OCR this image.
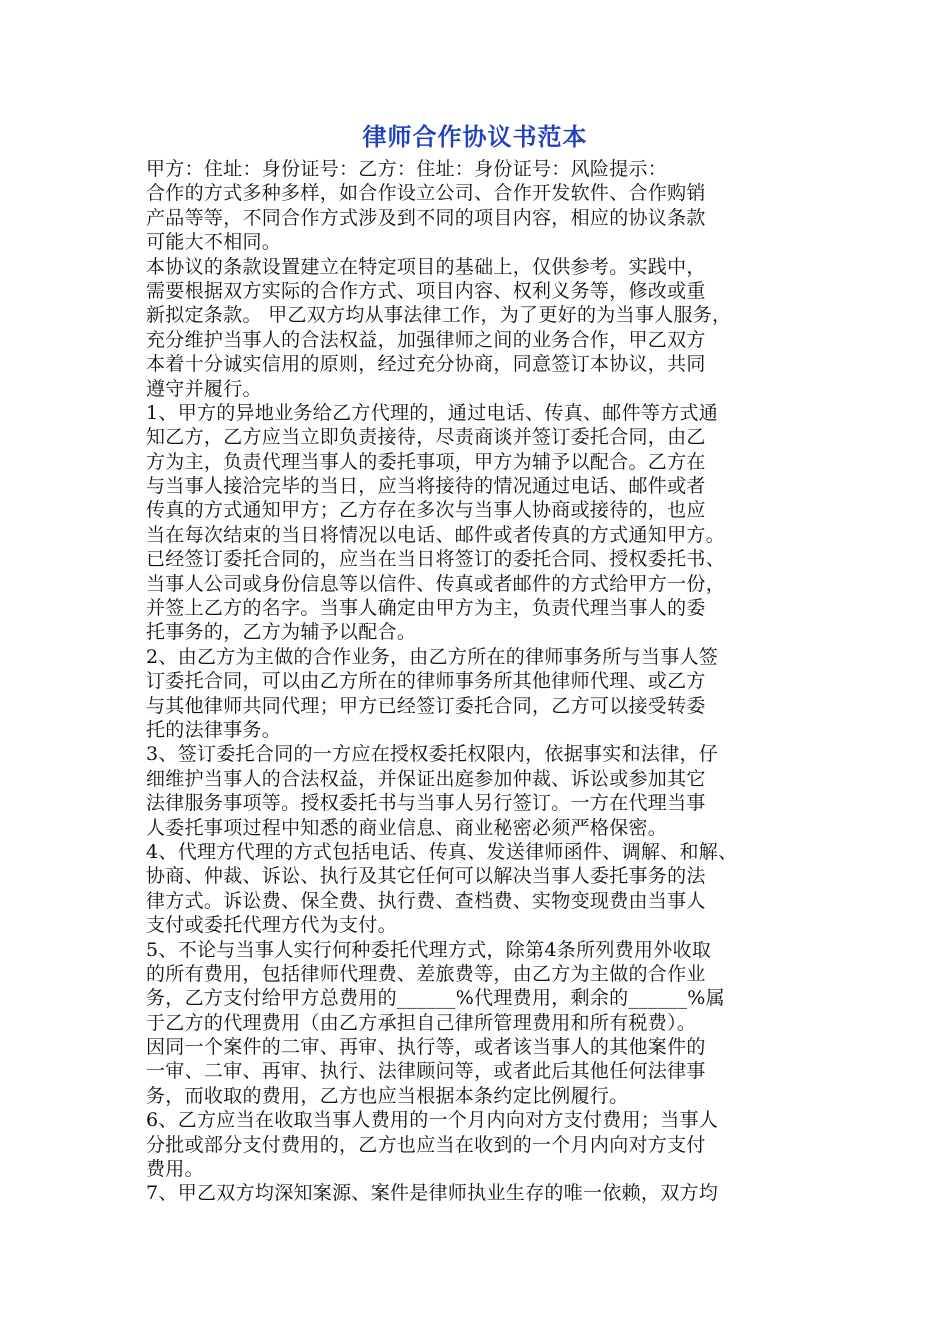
律师合作协议书范本
甲方：住址：身份证号：乙方：住址：身份证号：风险提示：
合作的方式多种多样，如合作设立公司、合作开发软件、合作购销
产品等等，不同合作方式涉及到不同的项目内容，相应的协议条款
可能大不相同。
本协议的条款设置建立在特定项目的基础上，仅供参考。实践中，
需要根据双方实际的合作方式、项目内容、权利义务等，修改或重
新拟定条款。 甲乙双方均从事法律工作，为了更好的为当事人服务，
充分维护当事人的合法权益，加强律师之间的业务合作，甲乙双方
本着十分诚实信用的原则，经过充分协商，同意签订本协议，共同
遵守并履行。
1、甲方的异地业务给乙方代理的，通过电话、传真、邮件等方式通
知乙方，乙方应当立即负责接待，尽责商谈并签订委托合同，由乙
方为主，负责代理当事人的委托事项，甲方为辅予以配合。乙方在
与当事人接洽完毕的当日，应当将接待的情况通过电话、邮件或者
传真的方式通知甲方；乙方存在多次与当事人协商或接待的，也应
当在每次结束的当日将情况以电话、邮件或者传真的方式通知甲方。
已经签订委托合同的，应当在当日将签订的委托合同、授权委托书、
当事人公司或身份信息等以信件、传真或者邮件的方式给甲方一份，
并签上乙方的名字。当事人确定由甲方为主，负责代理当事人的委
托事务的，乙方为辅予以配合。
2、由乙方为主做的合作业务，由乙方所在的律师事务所与当事人签
订委托合同，可以由乙方所在的律师事务所其他律师代理、或乙方
与其他律师共同代理；甲方已经签订委托合同，乙方可以接受转委
托的法律事务。
3、签订委托合同的一方应在授权委托权限内，依据事实和法律，仔
细维护当事人的合法权益，并保证出庭参加仲裁、诉讼或参加其它
法律服务事项等。授权委托书与当事人另行签订。一方在代理当事
人委托事项过程中知悉的商业信息、商业秘密必须严格保密。
4、代理方代理的方式包括电话、传真、发送律师函件、调解、和解、
协商、仲裁、诉讼、执行及其它任何可以解决当事人委托事务的法
律方式。诉讼费、保全费、执行费、查档费、实物变现费由当事人
支付或委托代理方代为支付。
5、不论与当事人实行何种委托代理方式，除第4条所列费用外收取
的所有费用，包括律师代理费、差旅费等，由乙方为主做的合作业
务，乙方支付给甲方总费用的______%代理费用，剩余的______%属
于乙方的代理费用（由乙方承担自己律所管理费用和所有税费）。
因同一个案件的二审、再审、执行等，或者该当事人的其他案件的
一审、二审、再审、执行、法律顾问等，或者此后其他任何法律事
务，而收取的费用，乙方也应当根据本条约定比例履行。
6、乙方应当在收取当事人费用的一个月内向对方支付费用；当事人
分批或部分支付费用的，乙方也应当在收到的一个月内向对方支付
费用。
7、甲乙双方均深知案源、案件是律师执业生存的唯一依赖，双方均
